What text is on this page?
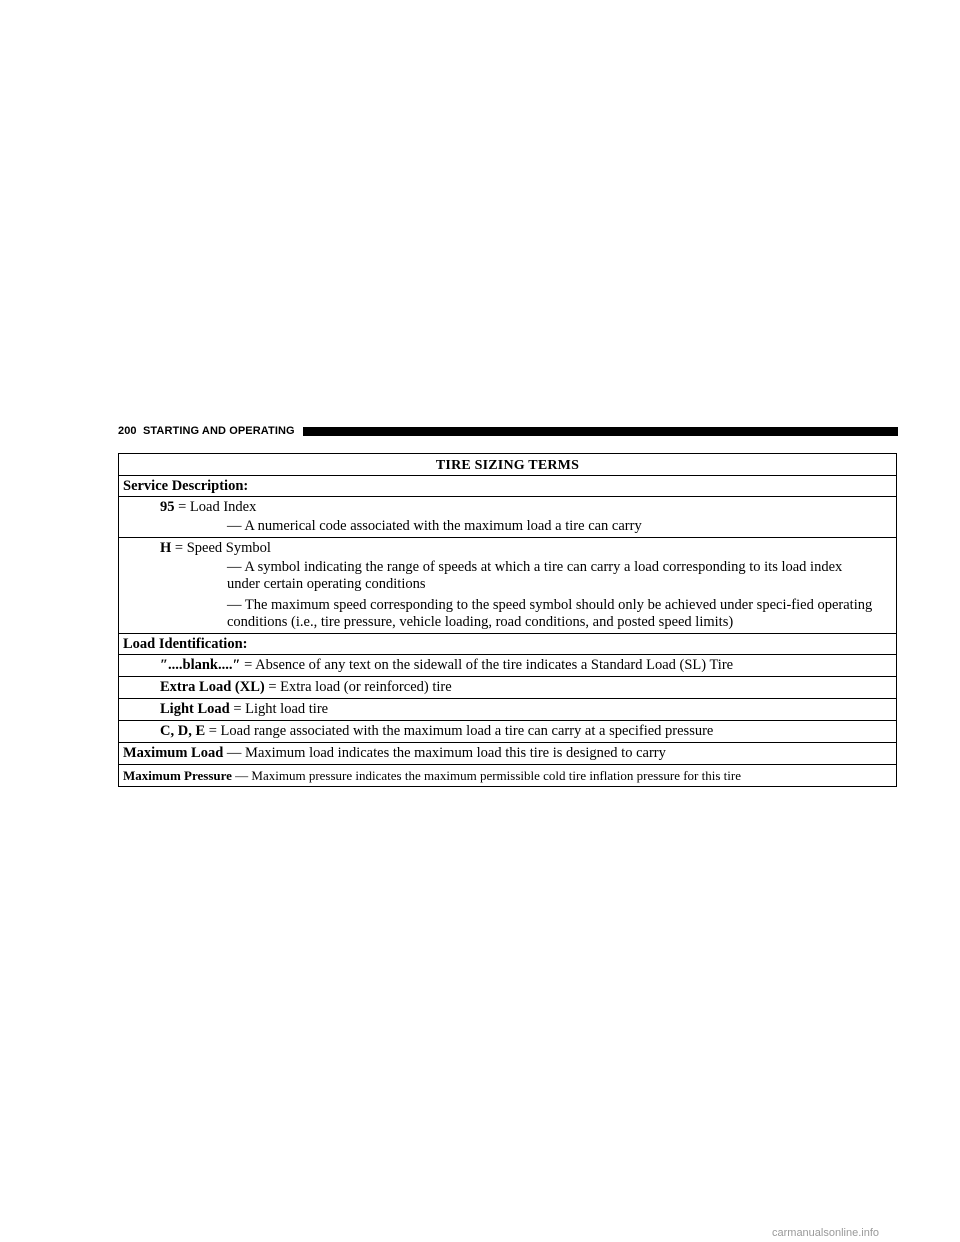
200 STARTING AND OPERATING
TIRE SIZING TERMS
Service Description:
95 = Load Index
— A numerical code associated with the maximum load a tire can carry
H = Speed Symbol
— A symbol indicating the range of speeds at which a tire can carry a load corresponding to its load index under certain operating conditions
— The maximum speed corresponding to the speed symbol should only be achieved under speci-fied operating conditions (i.e., tire pressure, vehicle loading, road conditions, and posted speed limits)
Load Identification:
″....blank....″ = Absence of any text on the sidewall of the tire indicates a Standard Load (SL) Tire
Extra Load (XL) = Extra load (or reinforced) tire
Light Load = Light load tire
C, D, E = Load range associated with the maximum load a tire can carry at a specified pressure
Maximum Load — Maximum load indicates the maximum load this tire is designed to carry
Maximum Pressure — Maximum pressure indicates the maximum permissible cold tire inflation pressure for this tire
carmanualsonline.info
